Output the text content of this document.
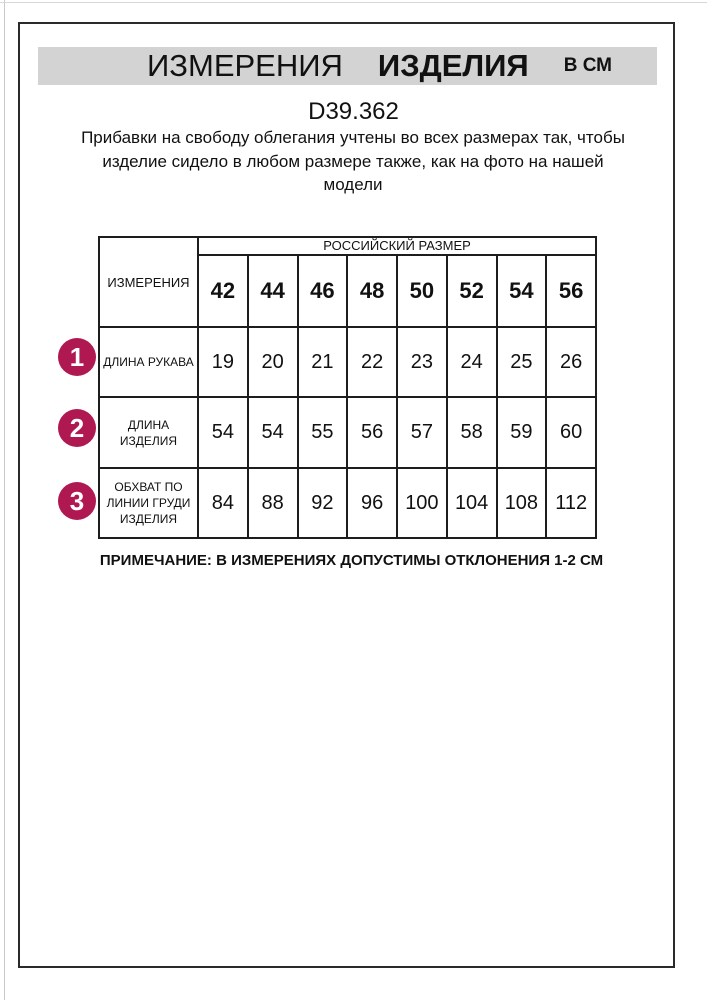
ИЗМЕРЕНИЯ ИЗДЕЛИЯ В СМ
D39.362
Прибавки на свободу облегания учтены во всех размерах так, чтобы изделие сидело в любом размере также, как на фото на нашей модели
ИЗМЕРЕНИЯ	РОССИЙСКИЙ РАЗМЕР							
	42	44	46	48	50	52	54	56
ДЛИНА РУКАВА	19	20	21	22	23	24	25	26
ДЛИНА ИЗДЕЛИЯ	54	54	55	56	57	58	59	60
ОБХВАТ ПО ЛИНИИ ГРУДИ ИЗДЕЛИЯ	84	88	92	96	100	104	108	112
1
2
3
ПРИМЕЧАНИЕ: В ИЗМЕРЕНИЯХ ДОПУСТИМЫ ОТКЛОНЕНИЯ 1-2 СМ
